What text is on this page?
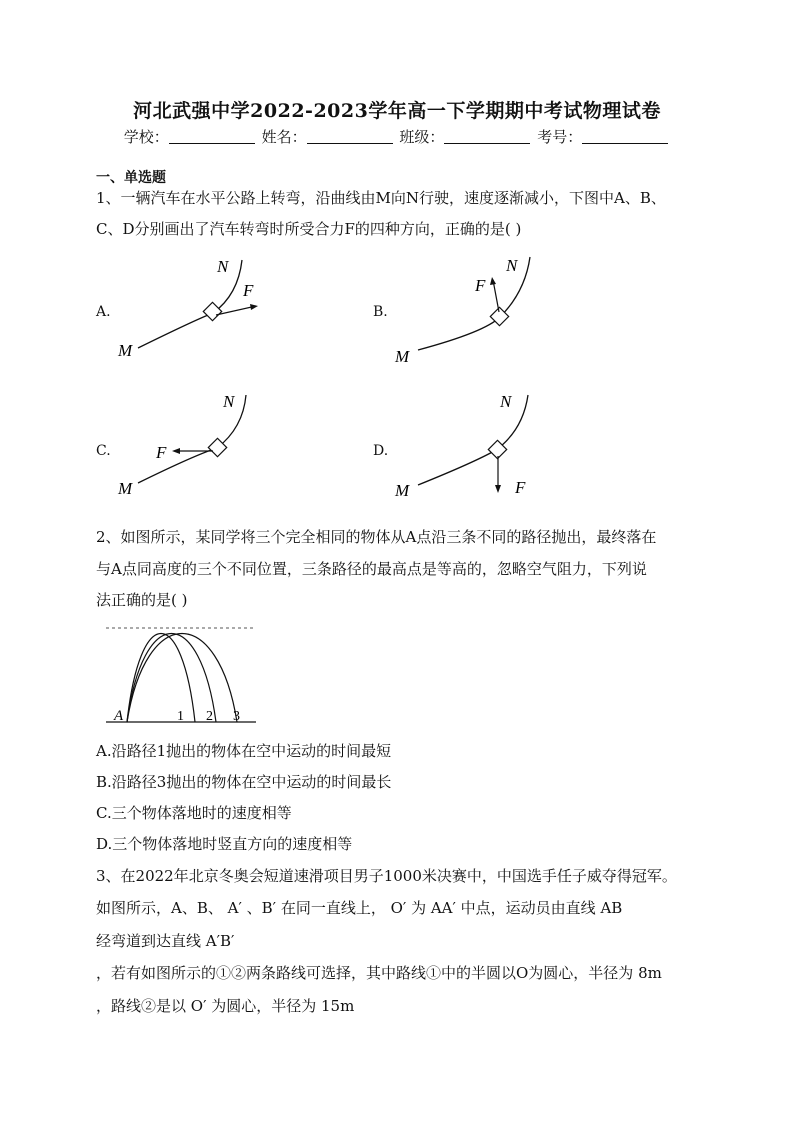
河北武强中学2022-2023学年高一下学期期中考试物理试卷
学校：	姓名：	班级：	考号：
一、单选题
1、一辆汽车在水平公路上转弯，沿曲线由M向N行驶，速度逐渐减小，下图中A、B、
C、D分别画出了汽车转弯时所受合力F的四种方向，正确的是( )
A.
N
F
M
B.
N
F
M
C.
N
F
M
D.
N
F
M
2、如图所示，某同学将三个完全相同的物体从A点沿三条不同的路径抛出，最终落在
与A点同高度的三个不同位置，三条路径的最高点是等高的，忽略空气阻力，下列说
法正确的是( )
A	1 2 3
A.沿路径1抛出的物体在空中运动的时间最短
B.沿路径3抛出的物体在空中运动的时间最长
C.三个物体落地时的速度相等
D.三个物体落地时竖直方向的速度相等
3、在2022年北京冬奥会短道速滑项目男子1000米决赛中，中国选手任子威夺得冠军。
如图所示，A、B、 A′ 、B′ 在同一直线上， O′ 为 AA′ 中点，运动员由直线 AB
经弯道到达直线 A′B′
，若有如图所示的①②两条路线可选择，其中路线①中的半圆以O为圆心，半径为 8m
，路线②是以 O′ 为圆心，半径为 15m
